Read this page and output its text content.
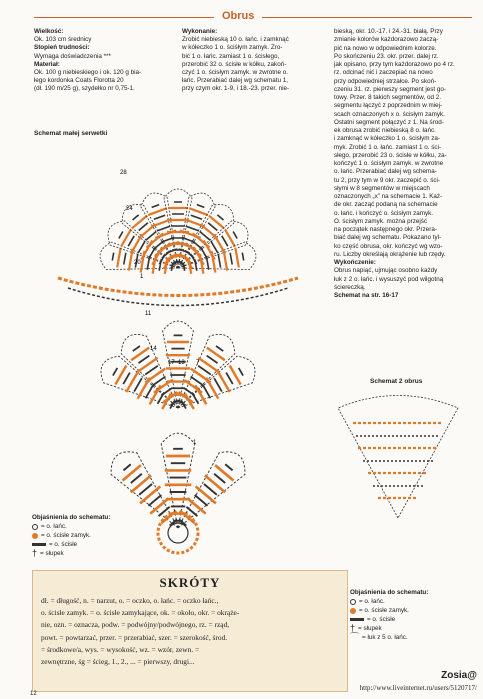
Obrus
Wielkość:
Ok. 103 cm średnicy
Stopień trudności:
Wymaga doświadczenia ***
Materiał:
Ok. 100 g niebieskiego i ok. 120 g bia-
łego kordonka Coats Florotta 20
(dł. 190 m/25 g), szydełko nr 0,75-1.
Wykonanie:
Zrobić niebieską 10 o. łańc. i zamknąć
w kółeczko 1 o. ściśłym zamyk. Zro-
bić 1 o. łańc. zamiast 1 o. ścisłego,
przerobić 32 o. ścisłe w kółku, zakoń-
czyć 1 o. ścisłym zamyk. w zwrotne o.
łańc. Przerabiać dalej wg schematu 1,
przy czym okr. 1-9, i 18.-23. przer. nie-
bieską, okr. 10.-17. i 24.-31. białą. Przy
zmianie kolorów każdorazowo zaczą-
pić na nowo w odpowiednim kolorze.
Po skończeniu 23. okr. przer. dalej rz.
jak opisano, przy tym każdorazowo po 4 rz.
rz. odcinać nić i zaczepiać na nowo
przy odpowiedniej strzałce. Po skoń-
czeniu 31. rz. pierwszy segment jest go-
towy. Przer. 8 takich segmentów, od 2.
segmentu łączyć z poprzednim w miej-
scach oznaczonych x o. ścisłym zamyk.
Ostatni segment połączyć z 1. Na środ-
ek obrusa zrobić niebieską 8 o. łańc.
i zamknąć w kółeczko 1 o. ścisłym za-
myk. Zrobić 1 o. łańc. zamiast 1 o. ści-
słego, przerobić 23 o. ścisłe w kółku, za-
kończyć 1 o. ścisłym zamyk. w zwrotne
o. łańc. Przerabiać dalej wg schema-
tu 2, przy tym w 9 okr. zaczepić o. ści-
słymi w 8 segmentów w miejscach
oznaczonych „x” na schemacie 1. Każ-
de okr. zacząć podaną na schemacie
o. łańc. i kończyć o. ścisłym zamyk.
O. ścisłym zamyk. można przejść
na początek następnego okr. Przera-
biać dalej wg schematu. Pokazano tyl-
ko część obrusa, okr. kończyć wg wzo-
ru. Liczby określają okrążenie lub rzędy.
Wykończenie:
Obrus napiąć, ujmując osobno każdy
łuk z 2 o. łańc. i wysuszyć pod wilgotną
ściereczką.
Schemat na str. 16-17
Schemat małej serwetki
Schemat 2 obrus
28
24
20
1
11
14
17 13 7
1
Objaśnienia do schematu:
= o. łańc.
= o. ścisłe zamyk.
= o. ścisłe
† = słupek
Objaśnienia do schematu:
= o. łańc.
= o. ścisłe zamyk.
= o. ścisłe
† = słupek
⌒ = łuk z 5 o. łańc.
SKRÓTY
dł. = długość, n. = narzut, o. = oczko, o. łańc. = oczko łańc.,
o. ścisłe zamyk. = o. ścisłe zamykające, ok. = około, okr. = okrąże-
nie, ozn. = oznacza, podw. = podwójny/podwójnego, rz. = rząd,
powt. = powtarzać, przer. = przerabiać, szer. = szerokość, środ.
= środkowe/a, wys. = wysokość, wz. = wzór, zewn. =
zewnętrzne, śg = ścieg, 1., 2., ... = pierwszy, drugi...
12
Zosia@
http://www.liveinternet.ru/users/5120717/
